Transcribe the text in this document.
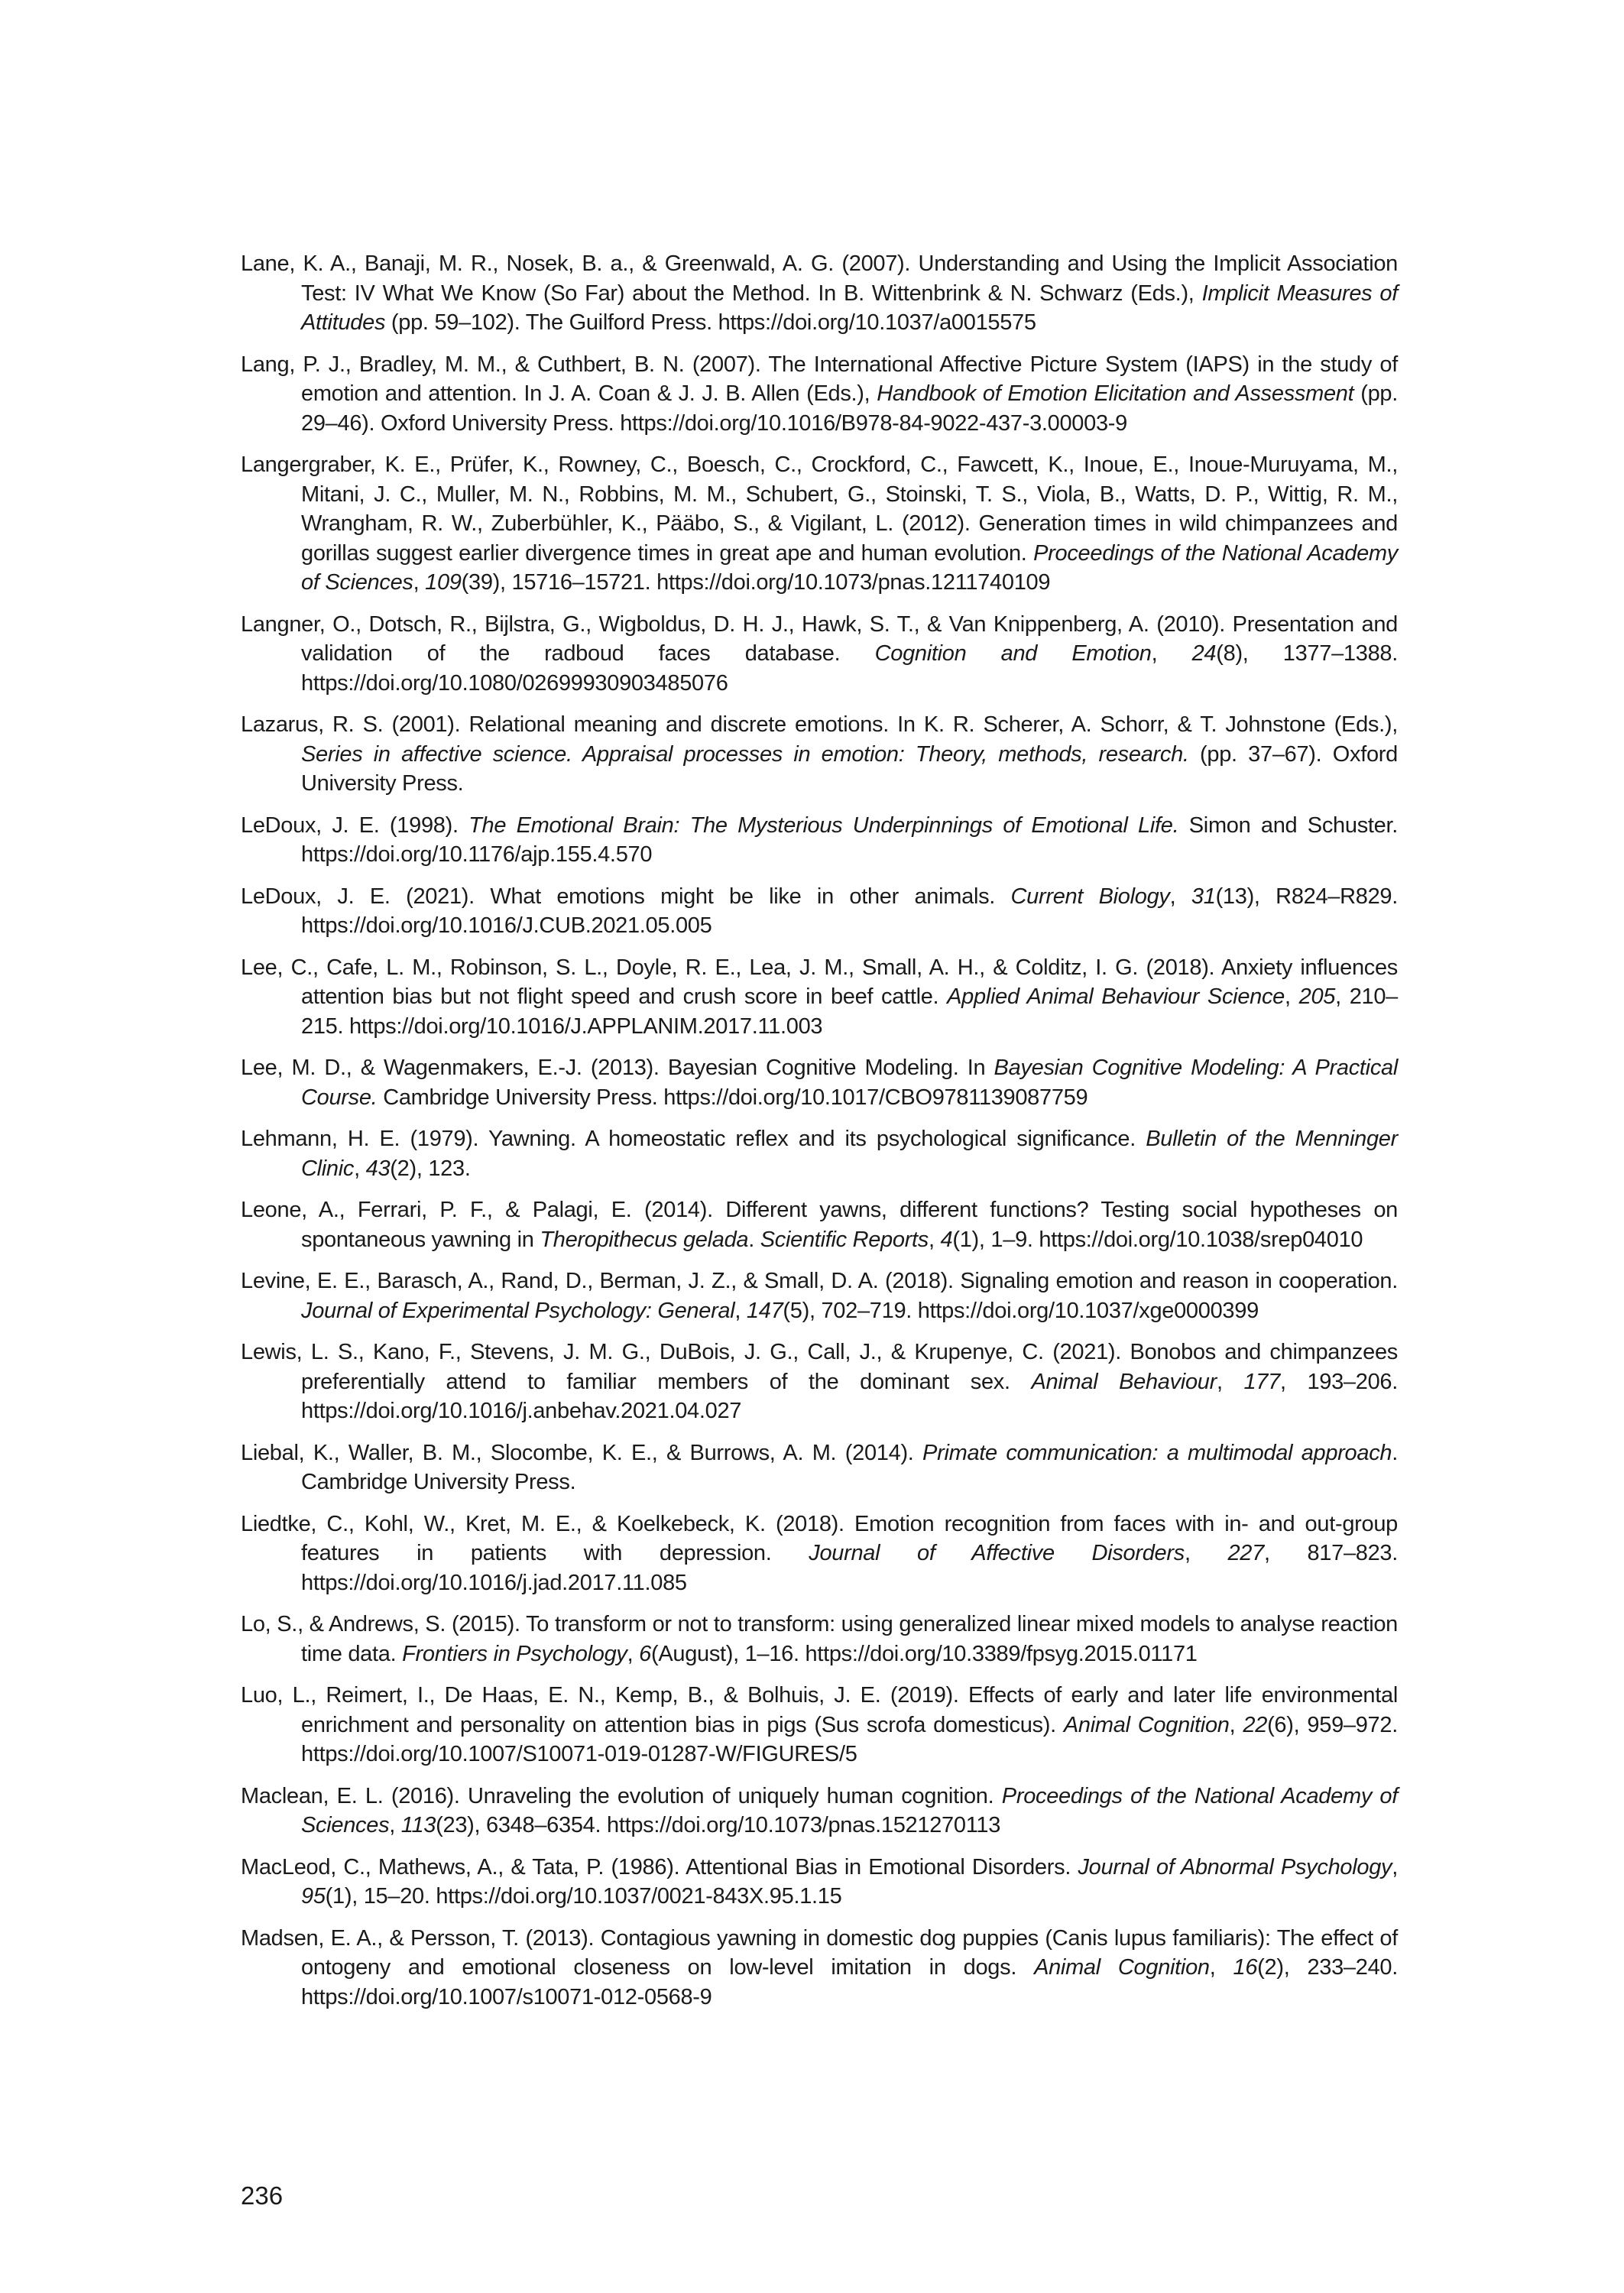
Lane, K. A., Banaji, M. R., Nosek, B. a., & Greenwald, A. G. (2007). Understanding and Using the Implicit Association Test: IV What We Know (So Far) about the Method. In B. Wittenbrink & N. Schwarz (Eds.), Implicit Measures of Attitudes (pp. 59–102). The Guilford Press. https://doi.org/10.1037/a0015575

Lang, P. J., Bradley, M. M., & Cuthbert, B. N. (2007). The International Affective Picture System (IAPS) in the study of emotion and attention. In J. A. Coan & J. J. B. Allen (Eds.), Handbook of Emotion Elicitation and Assessment (pp. 29–46). Oxford University Press. https://doi.org/10.1016/B978-84-9022-437-3.00003-9

Langergraber, K. E., Prüfer, K., Rowney, C., Boesch, C., Crockford, C., Fawcett, K., Inoue, E., Inoue-Muruyama, M., Mitani, J. C., Muller, M. N., Robbins, M. M., Schubert, G., Stoinski, T. S., Viola, B., Watts, D. P., Wittig, R. M., Wrangham, R. W., Zuberbühler, K., Pääbo, S., & Vigilant, L. (2012). Generation times in wild chimpanzees and gorillas suggest earlier divergence times in great ape and human evolution. Proceedings of the National Academy of Sciences, 109(39), 15716–15721. https://doi.org/10.1073/pnas.1211740109

Langner, O., Dotsch, R., Bijlstra, G., Wigboldus, D. H. J., Hawk, S. T., & Van Knippenberg, A. (2010). Presentation and validation of the radboud faces database. Cognition and Emotion, 24(8), 1377–1388. https://doi.org/10.1080/02699930903485076

Lazarus, R. S. (2001). Relational meaning and discrete emotions. In K. R. Scherer, A. Schorr, & T. Johnstone (Eds.), Series in affective science. Appraisal processes in emotion: Theory, methods, research. (pp. 37–67). Oxford University Press.

LeDoux, J. E. (1998). The Emotional Brain: The Mysterious Underpinnings of Emotional Life. Simon and Schuster. https://doi.org/10.1176/ajp.155.4.570

LeDoux, J. E. (2021). What emotions might be like in other animals. Current Biology, 31(13), R824–R829. https://doi.org/10.1016/J.CUB.2021.05.005

Lee, C., Cafe, L. M., Robinson, S. L., Doyle, R. E., Lea, J. M., Small, A. H., & Colditz, I. G. (2018). Anxiety influences attention bias but not flight speed and crush score in beef cattle. Applied Animal Behaviour Science, 205, 210–215. https://doi.org/10.1016/J.APPLANIM.2017.11.003

Lee, M. D., & Wagenmakers, E.-J. (2013). Bayesian Cognitive Modeling. In Bayesian Cognitive Modeling: A Practical Course. Cambridge University Press. https://doi.org/10.1017/CBO9781139087759

Lehmann, H. E. (1979). Yawning. A homeostatic reflex and its psychological significance. Bulletin of the Menninger Clinic, 43(2), 123.

Leone, A., Ferrari, P. F., & Palagi, E. (2014). Different yawns, different functions? Testing social hypotheses on spontaneous yawning in Theropithecus gelada. Scientific Reports, 4(1), 1–9. https://doi.org/10.1038/srep04010

Levine, E. E., Barasch, A., Rand, D., Berman, J. Z., & Small, D. A. (2018). Signaling emotion and reason in cooperation. Journal of Experimental Psychology: General, 147(5), 702–719. https://doi.org/10.1037/xge0000399

Lewis, L. S., Kano, F., Stevens, J. M. G., DuBois, J. G., Call, J., & Krupenye, C. (2021). Bonobos and chimpanzees preferentially attend to familiar members of the dominant sex. Animal Behaviour, 177, 193–206. https://doi.org/10.1016/j.anbehav.2021.04.027

Liebal, K., Waller, B. M., Slocombe, K. E., & Burrows, A. M. (2014). Primate communication: a multimodal approach. Cambridge University Press.

Liedtke, C., Kohl, W., Kret, M. E., & Koelkebeck, K. (2018). Emotion recognition from faces with in- and out-group features in patients with depression. Journal of Affective Disorders, 227, 817–823. https://doi.org/10.1016/j.jad.2017.11.085

Lo, S., & Andrews, S. (2015). To transform or not to transform: using generalized linear mixed models to analyse reaction time data. Frontiers in Psychology, 6(August), 1–16. https://doi.org/10.3389/fpsyg.2015.01171

Luo, L., Reimert, I., De Haas, E. N., Kemp, B., & Bolhuis, J. E. (2019). Effects of early and later life environmental enrichment and personality on attention bias in pigs (Sus scrofa domesticus). Animal Cognition, 22(6), 959–972. https://doi.org/10.1007/S10071-019-01287-W/FIGURES/5

Maclean, E. L. (2016). Unraveling the evolution of uniquely human cognition. Proceedings of the National Academy of Sciences, 113(23), 6348–6354. https://doi.org/10.1073/pnas.1521270113

MacLeod, C., Mathews, A., & Tata, P. (1986). Attentional Bias in Emotional Disorders. Journal of Abnormal Psychology, 95(1), 15–20. https://doi.org/10.1037/0021-843X.95.1.15

Madsen, E. A., & Persson, T. (2013). Contagious yawning in domestic dog puppies (Canis lupus familiaris): The effect of ontogeny and emotional closeness on low-level imitation in dogs. Animal Cognition, 16(2), 233–240. https://doi.org/10.1007/s10071-012-0568-9

236
